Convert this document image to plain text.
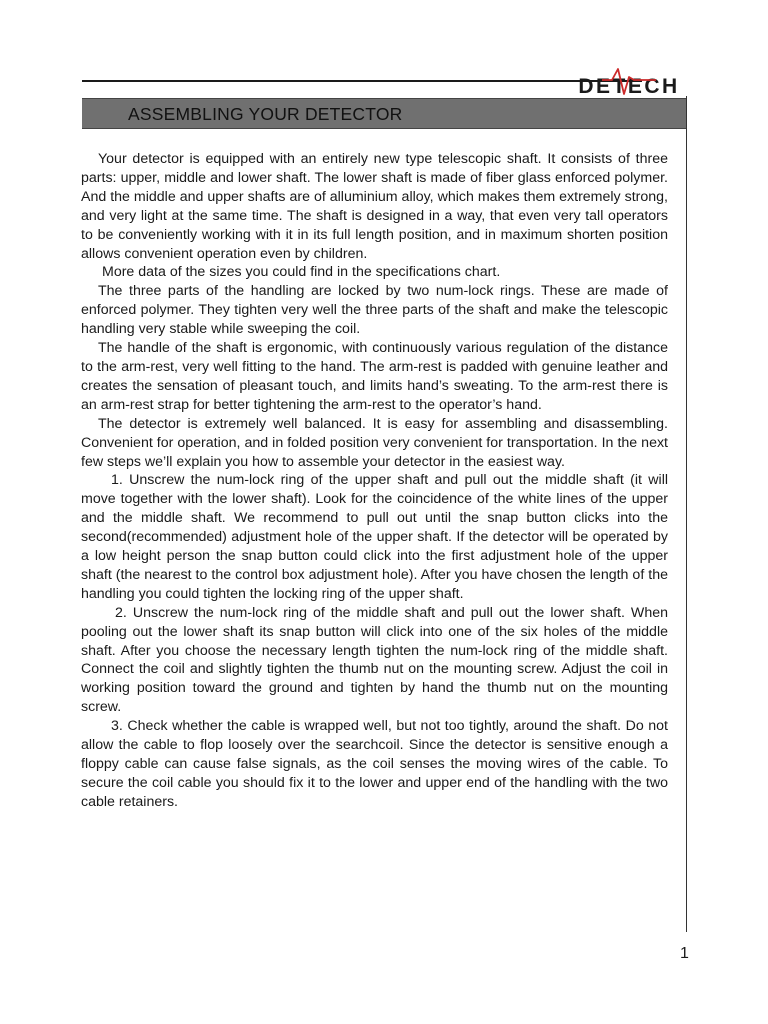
DETECH
ASSEMBLING YOUR DETECTOR

Your detector is equipped with an entirely new type telescopic shaft. It consists of three parts: upper, middle and lower shaft. The lower shaft is made of fiber glass enforced polymer. And the middle and upper shafts are of alluminium alloy, which makes them extremely strong, and very light at the same time. The shaft is designed in a way, that even very tall operators to be conveniently working with it in its full length position, and in maximum shorten position allows convenient operation even by children.

More data of the sizes you could find in the specifications chart.

The three parts of the handling are locked by two num-lock rings. These are made of enforced polymer. They tighten very well the three parts of the shaft and make the telescopic handling very stable while sweeping the coil.

The handle of the shaft is ergonomic, with continuously various regulation of the distance to the arm-rest, very well fitting to the hand. The arm-rest is padded with genuine leather and creates the sensation of pleasant touch, and limits hand’s sweating. To the arm-rest there is an arm-rest strap for better tightening the arm-rest to the operator’s hand.

The detector is extremely well balanced. It is easy for assembling and disassembling. Convenient for operation, and in folded position very convenient for transportation. In the next few steps we’ll explain you how to assemble your detector in the easiest way.

1. Unscrew the num-lock ring of the upper shaft and pull out the middle shaft (it will move together with the lower shaft). Look for the coincidence of the white lines of the upper and the middle shaft. We recommend to pull out until the snap button clicks into the second(recommended) adjustment hole of the upper shaft. If the detector will be operated by a low height person the snap button could click into the first adjustment hole of the upper shaft (the nearest to the control box adjustment hole). After you have chosen the length of the handling you could tighten the locking ring of the upper shaft.

2. Unscrew the num-lock ring of the middle shaft and pull out the lower shaft. When pooling out the lower shaft its snap button will click into one of the six holes of the middle shaft. After you choose the necessary length tighten the num-lock ring of the middle shaft. Connect the coil and slightly tighten the thumb nut on the mounting screw. Adjust the coil in working position toward the ground and tighten by hand the thumb nut on the mounting screw.

3. Check whether the cable is wrapped well, but not too tightly, around the shaft. Do not allow the cable to flop loosely over the searchcoil. Since the detector is sensitive enough a floppy cable can cause false signals, as the coil senses the moving wires of the cable. To secure the coil cable you should fix it to the lower and upper end of the handling with the two cable retainers.

1
